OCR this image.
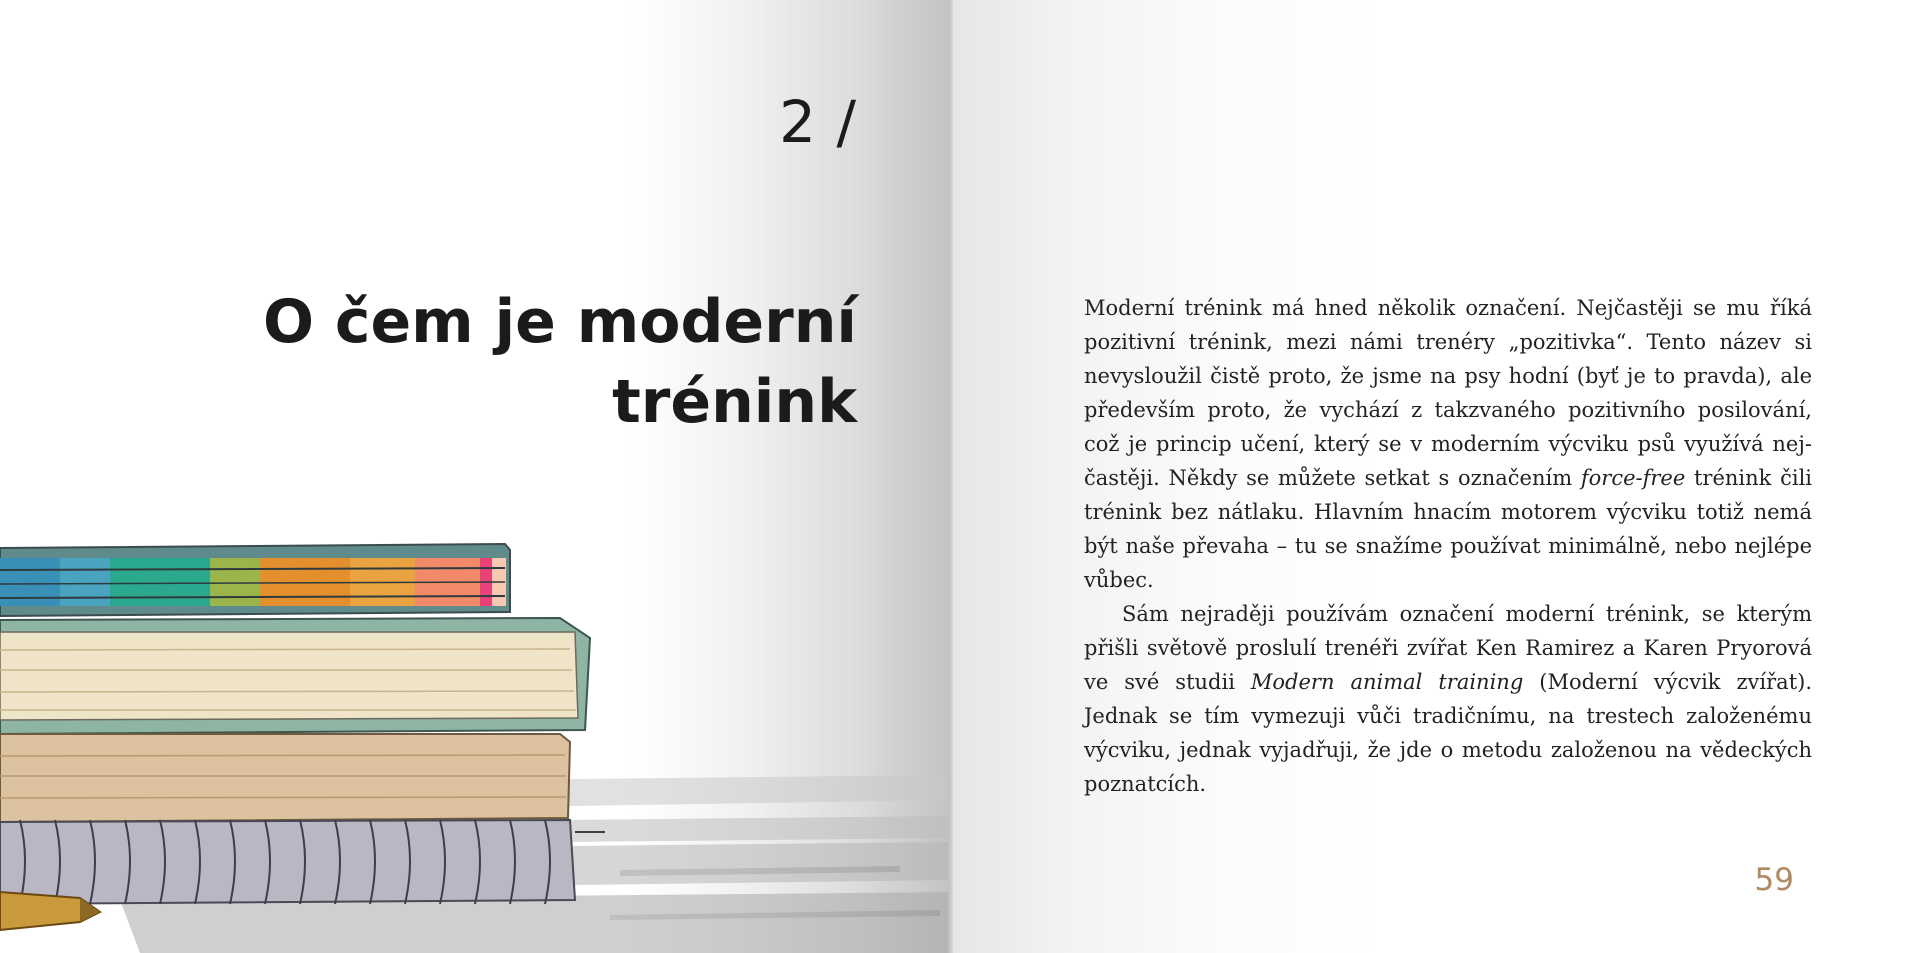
2 /
O čem je moderní
trénink

Moderní trénink má hned několik označení. Nejčastěji se mu říká pozitivní trénink, mezi námi trenéry „pozitivka“. Tento název si nevysloužil čistě proto, že jsme na psy hodní (byť je to pravda), ale především proto, že vychází z takzvaného pozitivního posilování, což je princip učení, který se v moderním výcviku psů využívá nejčastěji. Někdy se můžete setkat s označením force-free trénink čili trénink bez nátlaku. Hlavním hnacím motorem výcviku totiž nemá být naše převaha – tu se snažíme používat minimálně, nebo nejlépe vůbec.

Sám nejraději používám označení moderní trénink, se kterým přišli světově proslulí trenéři zvířat Ken Ramirez a Karen Pryorová ve své studii Modern animal training (Moderní výcvik zvířat). Jednak se tím vymezuji vůči tradičnímu, na trestech založenému výcviku, jednak vyjadřuji, že jde o metodu založenou na vědeckých poznatcích.

59
